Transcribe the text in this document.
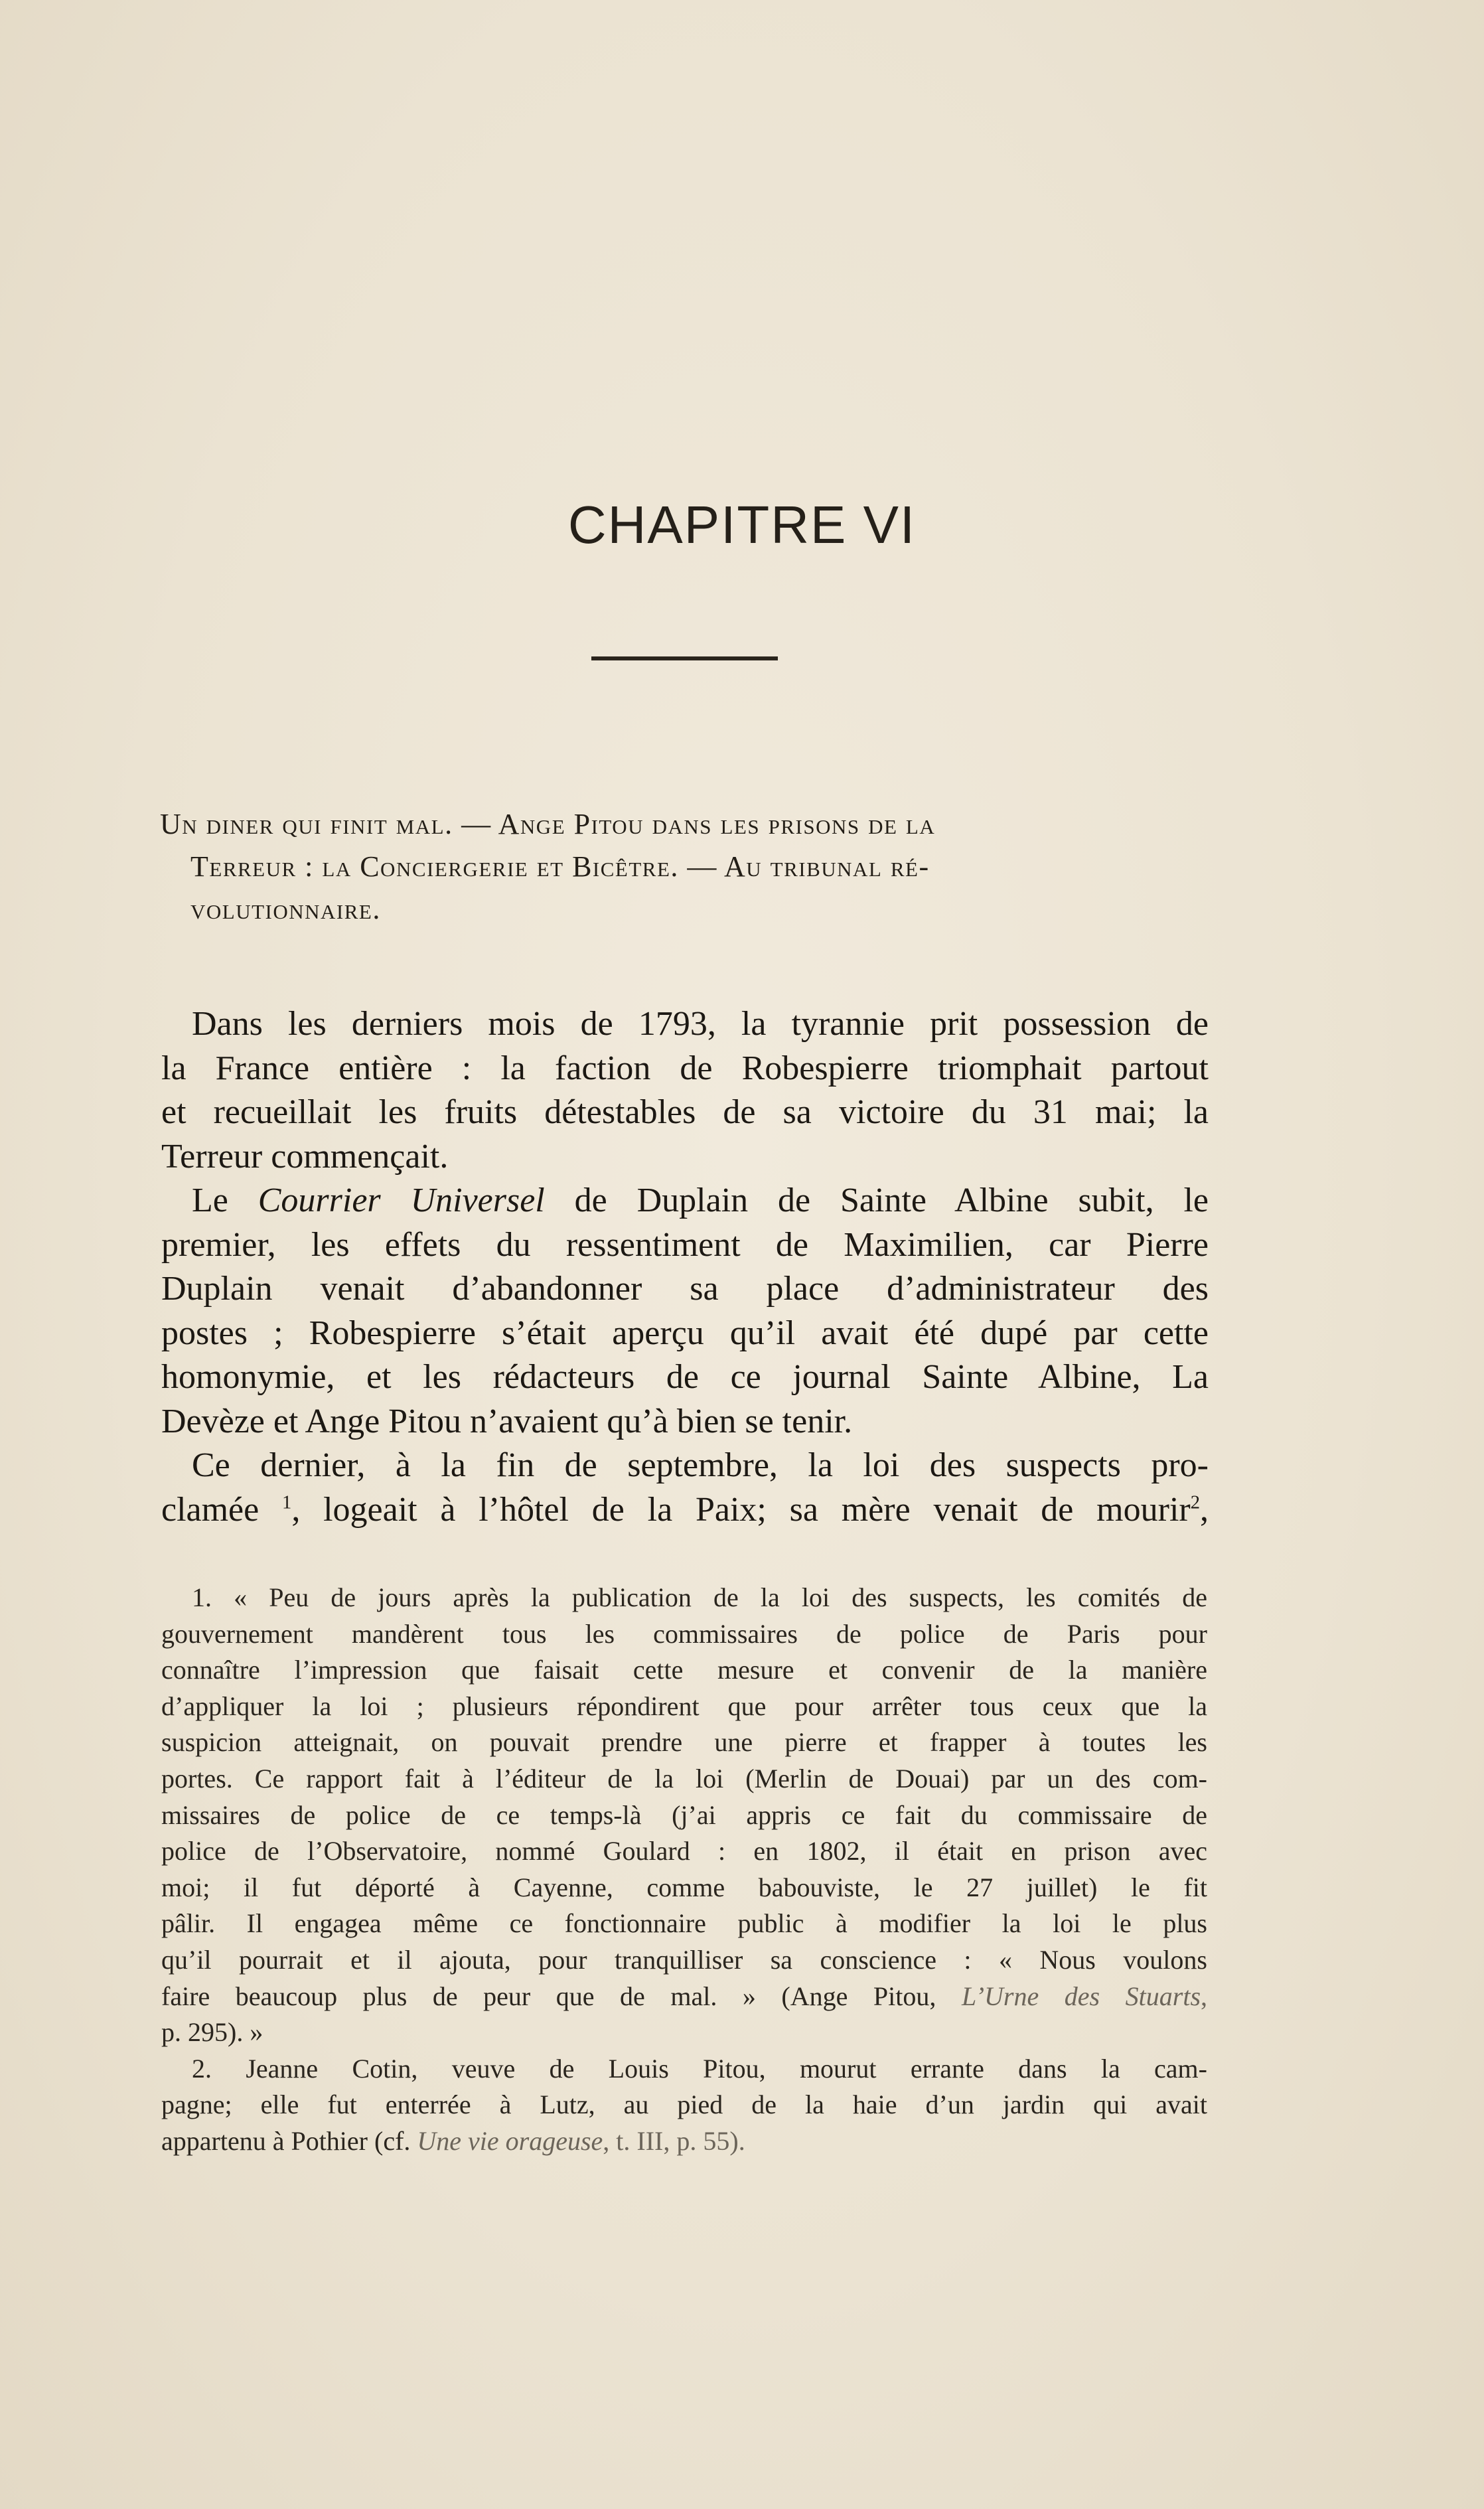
CHAPITRE VI
Un diner qui finit mal. — Ange Pitou dans les prisons de la
Terreur : la Conciergerie et Bicêtre. — Au tribunal ré-
volutionnaire.
Dans les derniers mois de 1793, la tyrannie prit possession de
la France entière : la faction de Robespierre triomphait partout
et recueillait les fruits détestables de sa victoire du 31 mai; la
Terreur commençait.
Le Courrier Universel de Duplain de Sainte Albine subit, le
premier, les effets du ressentiment de Maximilien, car Pierre
Duplain venait d’abandonner sa place d’administrateur des
postes ; Robespierre s’était aperçu qu’il avait été dupé par cette
homonymie, et les rédacteurs de ce journal Sainte Albine, La
Devèze et Ange Pitou n’avaient qu’à bien se tenir.
Ce dernier, à la fin de septembre, la loi des suspects pro-
clamée $^1$, logeait à l’hôtel de la Paix; sa mère venait de mourir$^2$,
1. « Peu de jours après la publication de la loi des suspects, les comités de
gouvernement mandèrent tous les commissaires de police de Paris pour
connaître l’impression que faisait cette mesure et convenir de la manière
d’appliquer la loi ; plusieurs répondirent que pour arrêter tous ceux que la
suspicion atteignait, on pouvait prendre une pierre et frapper à toutes les
portes. Ce rapport fait à l’éditeur de la loi (Merlin de Douai) par un des com-
missaires de police de ce temps-là (j’ai appris ce fait du commissaire de
police de l’Observatoire, nommé Goulard : en 1802, il était en prison avec
moi; il fut déporté à Cayenne, comme babouviste, le 27 juillet) le fit
pâlir. Il engagea même ce fonctionnaire public à modifier la loi le plus
qu’il pourrait et il ajouta, pour tranquilliser sa conscience : « Nous voulons
faire beaucoup plus de peur que de mal. » (Ange Pitou, L’Urne des Stuarts,
p. 295). »
2. Jeanne Cotin, veuve de Louis Pitou, mourut errante dans la cam-
pagne; elle fut enterrée à Lutz, au pied de la haie d’un jardin qui avait
appartenu à Pothier (cf. Une vie orageuse, t. III, p. 55).
